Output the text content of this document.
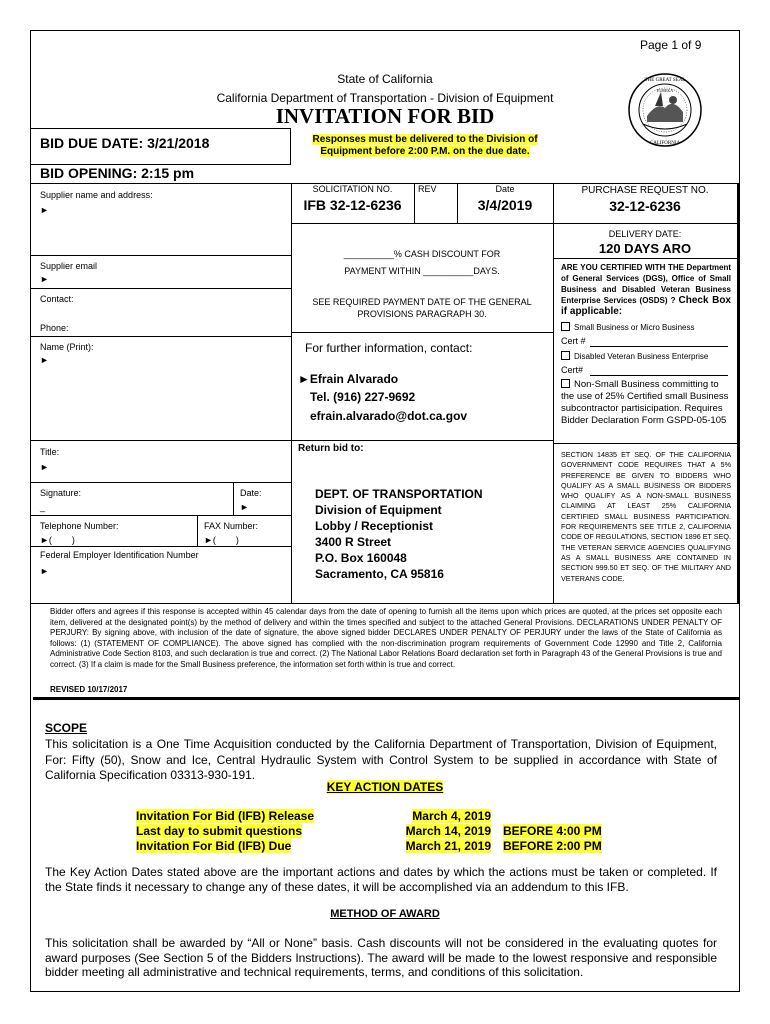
Page 1 of 9
State of California
California Department of Transportation - Division of Equipment
INVITATION FOR BID
THE GREAT SEAL
CALIFORNIA
EUREKA
BID DUE DATE: 3/21/2018	Responses must be delivered to the Division of Equipment before 2:00 P.M. on the due date.
BID OPENING: 2:15 pm
Supplier name and address:
►
Supplier email
►
Contact:
Phone:
Name (Print):
►
Title:
►
Signature:
_
Date:
►
Telephone Number:
►(        )
FAX Number:
►(        )
Federal Employer Identification Number
►
SOLICITATION NO.
IFB 32-12-6236
REV	Date
3/4/2019
PURCHASE REQUEST NO.
32-12-6236
__________% CASH DISCOUNT FOR
PAYMENT WITHIN __________DAYS.
SEE REQUIRED PAYMENT DATE OF THE GENERAL PROVISIONS PARAGRAPH 30.
For further information, contact:
►Efrain Alvarado
Tel. (916) 227-9692
efrain.alvarado@dot.ca.gov
Return bid to:
DEPT. OF TRANSPORTATION
Division of Equipment
Lobby / Receptionist
3400 R Street
P.O. Box 160048
Sacramento, CA 95816
DELIVERY DATE:
120 DAYS ARO
ARE YOU CERTIFIED WITH THE Department of General Services (DGS), Office of Small Business and Disabled Veteran Business Enterprise Services (OSDS) ? Check Box if applicable:
Small Business or Micro Business
Cert #
Disabled Veteran Business Enterprise
Cert#
Non-Small Business committing to the use of 25% Certified small Business subcontractor partisicipation. Requires Bidder Declaration Form GSPD-05-105
SECTION 14835 ET SEQ. OF THE CALIFORNIA GOVERNMENT CODE REQUIRES THAT A 5% PREFERENCE BE GIVEN TO BIDDERS WHO QUALIFY AS A SMALL BUSINESS OR BIDDERS WHO QUALIFY AS A NON-SMALL BUSINESS CLAIMING AT LEAST 25% CALIFORNIA CERTIFIED SMALL BUSINESS PARTICIPATION. FOR REQUIREMENTS SEE TITLE 2, CALIFORNIA CODE OF REGULATIONS, SECTION 1896 ET SEQ. THE VETERAN SERVICE AGENCIES QUALIFYING AS A SMALL BUSINESS ARE CONTAINED IN SECTION 999.50 ET SEQ. OF THE MILITARY AND VETERANS CODE.
Bidder offers and agrees if this response is accepted within 45 calendar days from the date of opening to furnish all the items upon which prices are quoted, at the prices set opposite each item, delivered at the designated point(s) by the method of delivery and within the times specified and subject to the attached General Provisions. DECLARATIONS UNDER PENALTY OF PERJURY: By signing above, with inclusion of the date of signature, the above signed bidder DECLARES UNDER PENALTY OF PERJURY under the laws of the State of California as follows: (1) (STATEMENT OF COMPLIANCE). The above signed has complied with the non-discrimination program requirements of Government Code 12990 and Title 2, California Administrative Code Section 8103, and such declaration is true and correct. (2) The National Labor Relations Board declaration set forth in Paragraph 43 of the General Provisions is true and correct. (3) If a claim is made for the Small Business preference, the information set forth within is true and correct.
REVISED 10/17/2017
SCOPE
This solicitation is a One Time Acquisition conducted by the California Department of Transportation, Division of Equipment, For: Fifty (50), Snow and Ice, Central Hydraulic System with Control System to be supplied in accordance with State of California Specification 03313-930-191.
KEY ACTION DATES
Invitation For Bid (IFB) Release
Last day to submit questions
Invitation For Bid (IFB) Due
March 4, 2019
March 14, 2019
March 21, 2019
BEFORE 4:00 PM
BEFORE 2:00 PM
The Key Action Dates stated above are the important actions and dates by which the actions must be taken or completed. If the State finds it necessary to change any of these dates, it will be accomplished via an addendum to this IFB.
METHOD OF AWARD
This solicitation shall be awarded by “All or None” basis. Cash discounts will not be considered in the evaluating quotes for award purposes (See Section 5 of the Bidders Instructions). The award will be made to the lowest responsive and responsible bidder meeting all administrative and technical requirements, terms, and conditions of this solicitation.
